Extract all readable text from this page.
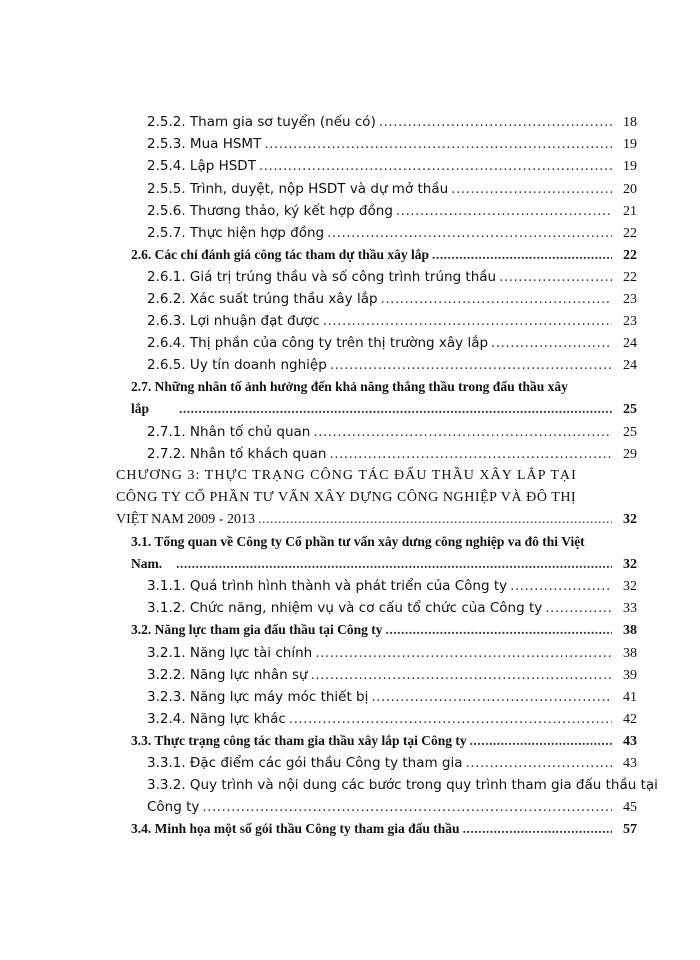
2.5.2. Tham gia sơ tuyển (nếu có) .....	18
2.5.3. Mua HSMT .....	19
2.5.4. Lập HSDT .....	19
2.5.5. Trình, duyệt, nộp HSDT và dự mở thầu .....	20
2.5.6. Thương thảo, ký kết hợp đồng .....	21
2.5.7. Thực hiện hợp đồng .....	22
2.6. Các chỉ đánh giá công tác tham dự thầu xây lắp .....	22
2.6.1. Giá trị trúng thầu và số công trình trúng thầu .....	22
2.6.2. Xác suất trúng thầu xây lắp .....	23
2.6.3. Lợi nhuận đạt được .....	23
2.6.4. Thị phần của công ty trên thị trường xây lắp .....	24
2.6.5. Uy tín doanh nghiệp .....	24
2.7. Những nhân tố ảnh hưởng đến khả năng thắng thầu trong đấu thầu xây
lắp .....	25
2.7.1. Nhân tố chủ quan .....	25
2.7.2. Nhân tố khách quan .....	29
CHƯƠNG 3: THỰC TRẠNG CÔNG TÁC ĐẤU THẦU XÂY LẮP TẠI
CÔNG TY CỔ PHẦN TƯ VẤN XÂY DỰNG CÔNG NGHIỆP VÀ ĐÔ THỊ
VIỆT NAM 2009 - 2013 .....	32
3.1. Tổng quan về Công ty Cổ phần tư vấn xây dưng công nghiệp va đô thi Việt
Nam. .....	32
3.1.1. Quá trình hình thành và phát triển của Công ty .....	32
3.1.2. Chức năng, nhiệm vụ và cơ cấu tổ chức của Công ty .....	33
3.2. Năng lực tham gia đấu thầu tại Công ty .....	38
3.2.1. Năng lực tài chính .....	38
3.2.2. Năng lực nhân sự .....	39
3.2.3. Năng lực máy móc thiết bị .....	41
3.2.4. Năng lực khác .....	42
3.3. Thực trạng công tác tham gia thầu xây lắp tại Công ty .....	43
3.3.1. Đặc điểm các gói thầu Công ty tham gia .....	43
3.3.2. Quy trình và nội dung các bước trong quy trình tham gia đấu thầu tại
Công ty .....	45
3.4. Minh họa một số gói thầu Công ty tham gia đấu thầu .....	57
